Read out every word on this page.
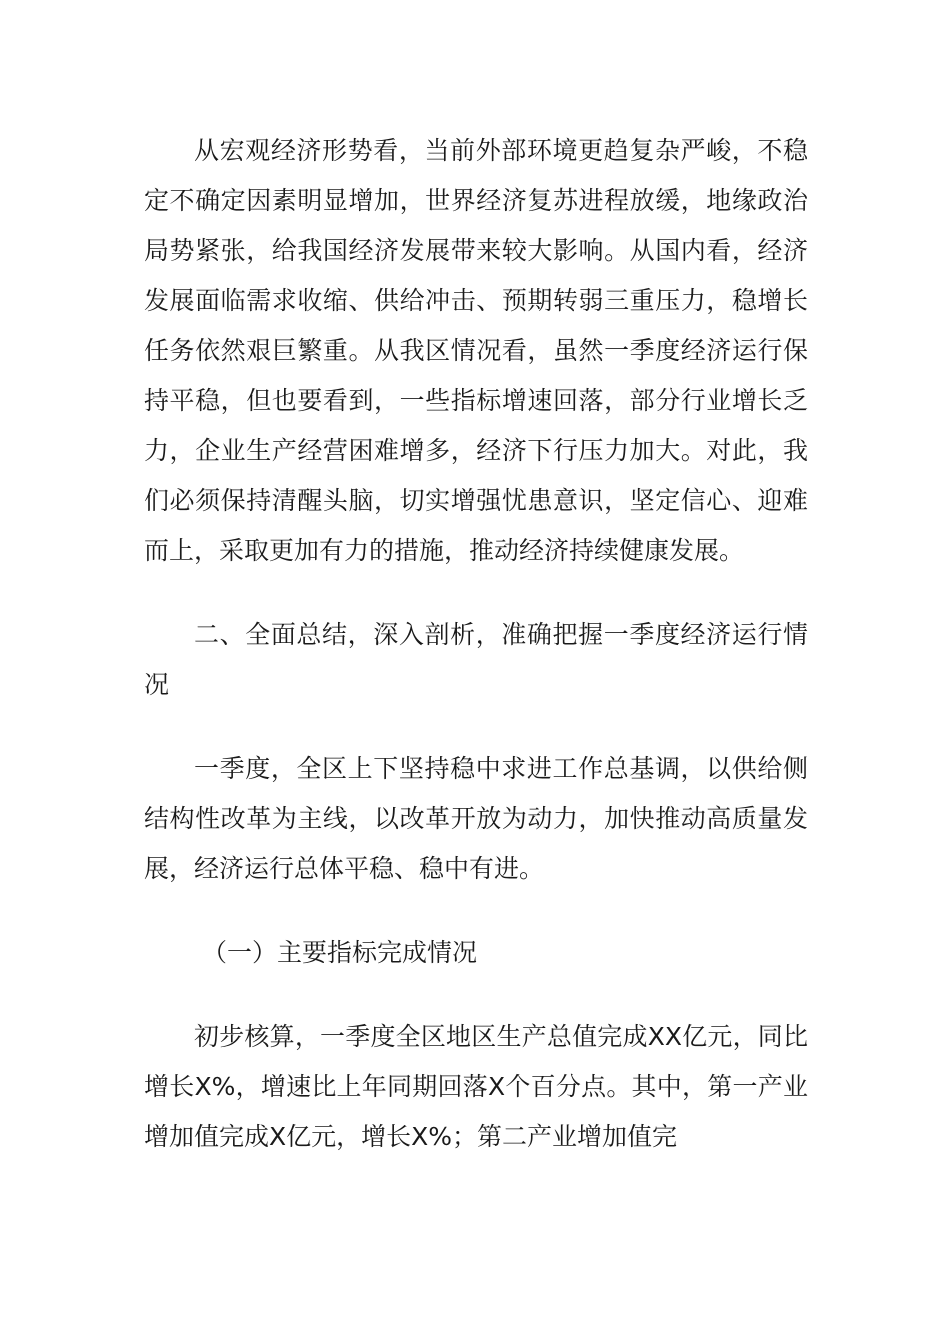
从宏观经济形势看，当前外部环境更趋复杂严峻，不稳定不确定因素明显增加，世界经济复苏进程放缓，地缘政治局势紧张，给我国经济发展带来较大影响。从国内看，经济发展面临需求收缩、供给冲击、预期转弱三重压力，稳增长任务依然艰巨繁重。从我区情况看，虽然一季度经济运行保持平稳，但也要看到，一些指标增速回落，部分行业增长乏力，企业生产经营困难增多，经济下行压力加大。对此，我们必须保持清醒头脑，切实增强忧患意识，坚定信心、迎难而上，采取更加有力的措施，推动经济持续健康发展。

二、全面总结，深入剖析，准确把握一季度经济运行情况

一季度，全区上下坚持稳中求进工作总基调，以供给侧结构性改革为主线，以改革开放为动力，加快推动高质量发展，经济运行总体平稳、稳中有进。

（一）主要指标完成情况

初步核算，一季度全区地区生产总值完成XX亿元，同比增长X%，增速比上年同期回落X个百分点。其中，第一产业增加值完成X亿元，增长X%；第二产业增加值完
